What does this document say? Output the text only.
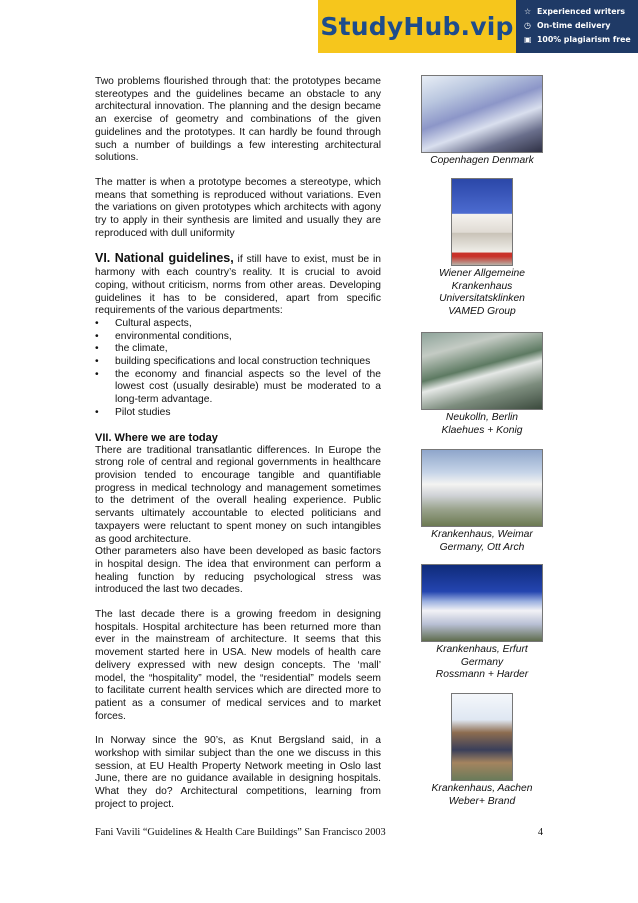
StudyHub.vip
☆ Experienced writers
◷ On-time delivery
▣ 100% plagiarism free

Two problems flourished through that: the prototypes became stereotypes and the guidelines became an obstacle to any architectural innovation. The planning and the design became an exercise of geometry and combinations of the given guidelines and the prototypes. It can hardly be found through such a number of buildings a few interesting architectural solutions.

The matter is when a prototype becomes a stereotype, which means that something is reproduced without variations. Even the variations on given prototypes which architects with agony try to apply in their synthesis are limited and usually they are reproduced with dull uniformity

VI. National guidelines, if still have to exist, must be in harmony with each country’s reality. It is crucial to avoid coping, without criticism, norms from other areas. Developing guidelines it has to be considered, apart from specific requirements of the various departments:

• Cultural aspects,
• environmental conditions,
• the climate,
• building specifications and local construction techniques
• the economy and financial aspects so the level of the lowest cost (usually desirable) must be moderated to a long-term advantage.
• Pilot studies
VII. Where we are today

There are traditional transatlantic differences. In Europe the strong role of central and regional governments in healthcare provision tended to encourage tangible and quantifiable progress in medical technology and management sometimes to the detriment of the overall healing experience. Public servants ultimately accountable to elected politicians and taxpayers were reluctant to spent money on such intangibles as good architecture.

Other parameters also have been developed as basic factors in hospital design. The idea that environment can perform a healing function by reducing psychological stress was introduced the last two decades.

The last decade there is a growing freedom in designing hospitals. Hospital architecture has been returned more than ever in the mainstream of architecture. It seems that this movement started here in USA. New models of health care delivery expressed with new design concepts. The ‘mall’ model, the “hospitality” model, the “residential” models seem to facilitate current health services which are directed more to patient as a consumer of medical services and to market forces.

In Norway since the 90’s, as Knut Bergsland said, in a workshop with similar subject than the one we discuss in this session, at EU Health Property Network meeting in Oslo last June, there are no guidance available in designing hospitals. What they do? Architectural competitions, learning from project to project.

Copenhagen Denmark
Wiener Allgemeine
Krankenhaus
Universitatsklinken
VAMED Group
Neukolln, Berlin
Klaehues + Konig
Krankenhaus, Weimar
Germany, Ott Arch
Krankenhaus, Erfurt
Germany
Rossmann + Harder
Krankenhaus, Aachen
Weber+ Brand
Fani Vavili “Guidelines & Health Care Buildings” San Francisco 2003	4
